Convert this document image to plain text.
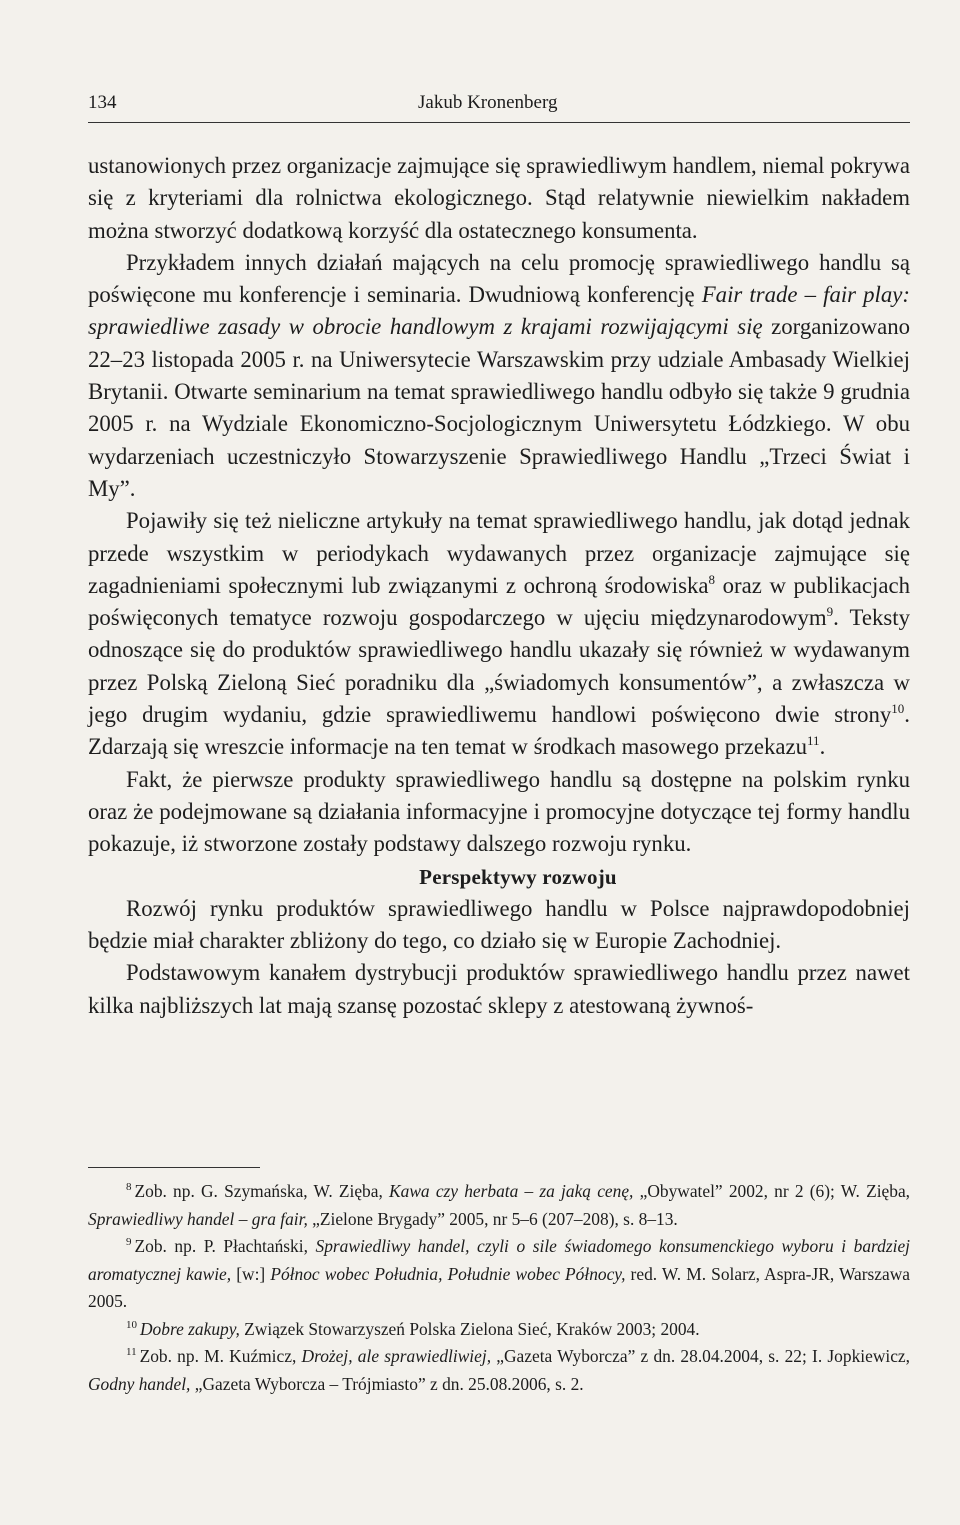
134	Jakub Kronenberg

ustanowionych przez organizacje zajmujące się sprawiedliwym handlem, niemal pokrywa się z kryteriami dla rolnictwa ekologicznego. Stąd relatywnie niewielkim nakładem można stworzyć dodatkową korzyść dla ostatecznego konsumenta.

Przykładem innych działań mających na celu promocję sprawiedliwego handlu są poświęcone mu konferencje i seminaria. Dwudniową konferencję Fair trade – fair play: sprawiedliwe zasady w obrocie handlowym z krajami rozwijającymi się zorganizowano 22–23 listopada 2005 r. na Uniwersytecie Warszawskim przy udziale Ambasady Wielkiej Brytanii. Otwarte seminarium na temat sprawiedliwego handlu odbyło się także 9 grudnia 2005 r. na Wydziale Ekonomiczno-Socjologicznym Uniwersytetu Łódzkiego. W obu wydarzeniach uczestniczyło Stowarzyszenie Sprawiedliwego Handlu „Trzeci Świat i My”.

Pojawiły się też nieliczne artykuły na temat sprawiedliwego handlu, jak dotąd jednak przede wszystkim w periodykach wydawanych przez organizacje zajmujące się zagadnieniami społecznymi lub związanymi z ochroną środowiska$^8$ oraz w publikacjach poświęconych tematyce rozwoju gospodarczego w ujęciu międzynarodowym$^9$. Teksty odnoszące się do produktów sprawiedliwego handlu ukazały się również w wydawanym przez Polską Zieloną Sieć poradniku dla „świadomych konsumentów”, a zwłaszcza w jego drugim wydaniu, gdzie sprawiedliwemu handlowi poświęcono dwie strony$^{10}$. Zdarzają się wreszcie informacje na ten temat w środkach masowego przekazu$^{11}$.

Fakt, że pierwsze produkty sprawiedliwego handlu są dostępne na polskim rynku oraz że podejmowane są działania informacyjne i promocyjne dotyczące tej formy handlu pokazuje, iż stworzone zostały podstawy dalszego rozwoju rynku.

Perspektywy rozwoju

Rozwój rynku produktów sprawiedliwego handlu w Polsce najprawdopodobniej będzie miał charakter zbliżony do tego, co działo się w Europie Zachodniej.

Podstawowym kanałem dystrybucji produktów sprawiedliwego handlu przez nawet kilka najbliższych lat mają szansę pozostać sklepy z atestowaną żywnoś-

$^8$ Zob. np. G. Szymańska, W. Zięba, Kawa czy herbata – za jaką cenę, „Obywatel” 2002, nr 2 (6); W. Zięba, Sprawiedliwy handel – gra fair, „Zielone Brygady” 2005, nr 5–6 (207–208), s. 8–13.

$^9$ Zob. np. P. Płachtański, Sprawiedliwy handel, czyli o sile świadomego konsumenckiego wyboru i bardziej aromatycznej kawie, [w:] Północ wobec Południa, Południe wobec Północy, red. W. M. Solarz, Aspra-JR, Warszawa 2005.

$^{10}$ Dobre zakupy, Związek Stowarzyszeń Polska Zielona Sieć, Kraków 2003; 2004.

$^{11}$ Zob. np. M. Kuźmicz, Drożej, ale sprawiedliwiej, „Gazeta Wyborcza” z dn. 28.04.2004, s. 22; I. Jopkiewicz, Godny handel, „Gazeta Wyborcza – Trójmiasto” z dn. 25.08.2006, s. 2.
